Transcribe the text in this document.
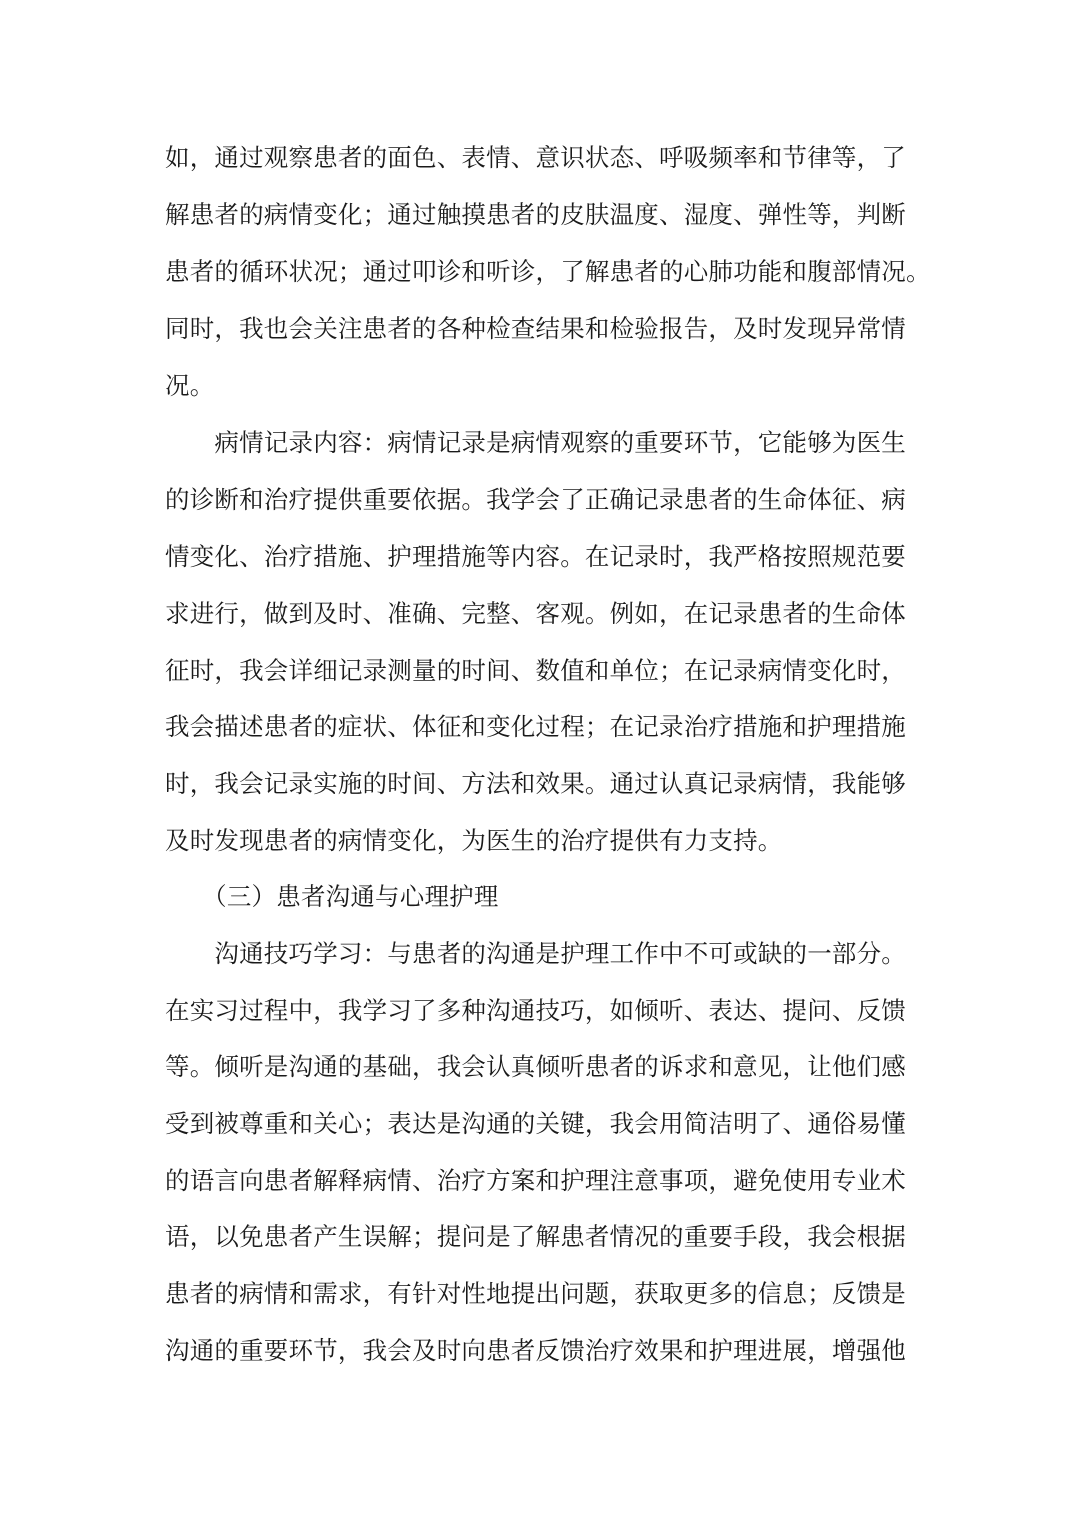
如，通过观察患者的面色、表情、意识状态、呼吸频率和节律等，了
解患者的病情变化；通过触摸患者的皮肤温度、湿度、弹性等，判断
患者的循环状况；通过叩诊和听诊，了解患者的心肺功能和腹部情况。
同时，我也会关注患者的各种检查结果和检验报告，及时发现异常情
况。
　　病情记录内容：病情记录是病情观察的重要环节，它能够为医生
的诊断和治疗提供重要依据。我学会了正确记录患者的生命体征、病
情变化、治疗措施、护理措施等内容。在记录时，我严格按照规范要
求进行，做到及时、准确、完整、客观。例如，在记录患者的生命体
征时，我会详细记录测量的时间、数值和单位；在记录病情变化时，
我会描述患者的症状、体征和变化过程；在记录治疗措施和护理措施
时，我会记录实施的时间、方法和效果。通过认真记录病情，我能够
及时发现患者的病情变化，为医生的治疗提供有力支持。
　　（三）患者沟通与心理护理
　　沟通技巧学习：与患者的沟通是护理工作中不可或缺的一部分。
在实习过程中，我学习了多种沟通技巧，如倾听、表达、提问、反馈
等。倾听是沟通的基础，我会认真倾听患者的诉求和意见，让他们感
受到被尊重和关心；表达是沟通的关键，我会用简洁明了、通俗易懂
的语言向患者解释病情、治疗方案和护理注意事项，避免使用专业术
语，以免患者产生误解；提问是了解患者情况的重要手段，我会根据
患者的病情和需求，有针对性地提出问题，获取更多的信息；反馈是
沟通的重要环节，我会及时向患者反馈治疗效果和护理进展，增强他
